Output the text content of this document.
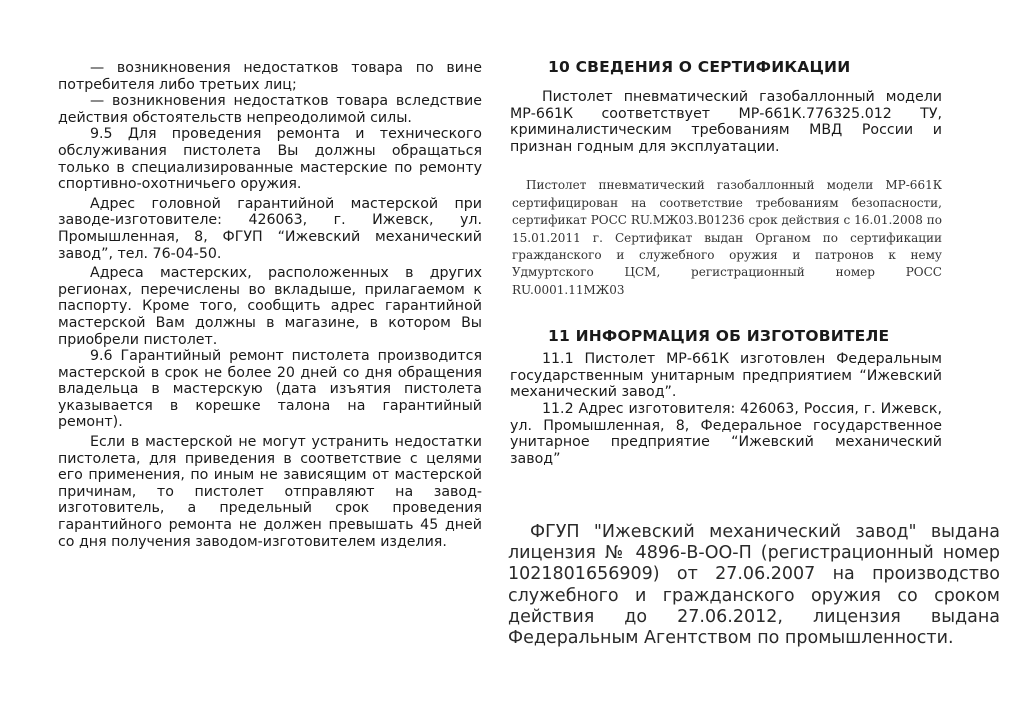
— возникновения недостатков товара по вине потребителя либо третьих лиц;

— возникновения недостатков товара вследствие действия обстоятельств непреодолимой силы.

9.5 Для проведения ремонта и технического обслуживания пистолета Вы должны обращаться только в специализированные мастерские по ремонту спортивно-охотничьего оружия.

Адрес головной гарантийной мастерской при заводе-изготовителе: 426063, г. Ижевск, ул. Промышленная, 8, ФГУП “Ижевский механический завод”, тел. 76-04-50.

Адреса мастерских, расположенных в других регионах, перечислены во вкладыше, прилагаемом к паспорту. Кроме того, сообщить адрес гарантийной мастерской Вам должны в магазине, в котором Вы приобрели пистолет.

9.6 Гарантийный ремонт пистолета производится мастерской в срок не более 20 дней со дня обращения владельца в мастерскую (дата изъятия пистолета указывается в корешке талона на гарантийный ремонт).

Если в мастерской не могут устранить недостатки пистолета, для приведения в соответствие с целями его применения, по иным не зависящим от мастерской причинам, то пистолет отправляют на завод-изготовитель, а предельный срок проведения гарантийного ремонта не должен превышать 45 дней со дня получения заводом-изготовителем изделия.

10 СВЕДЕНИЯ О СЕРТИФИКАЦИИ

Пистолет пневматический газобаллонный модели МР-661К соответствует МР-661К.776325.012 ТУ, криминалистическим требованиям МВД России и признан годным для эксплуатации.

Пистолет пневматический газобаллонный модели МР-661К сертифицирован на соответствие требованиям безопасности, сертификат РОСС RU.МЖ03.В01236 срок действия с 16.01.2008 по 15.01.2011 г. Сертификат выдан Органом по сертификации гражданского и служебного оружия и патронов к нему Удмуртского ЦСМ, регистрационный номер РОСС RU.0001.11МЖ03

11 ИНФОРМАЦИЯ ОБ ИЗГОТОВИТЕЛЕ

11.1 Пистолет МР-661К изготовлен Федеральным государственным унитарным предприятием “Ижевский механический завод”.

11.2 Адрес изготовителя: 426063, Россия, г. Ижевск, ул. Промышленная, 8, Федеральное государственное унитарное предприятие “Ижевский механический завод”

ФГУП "Ижевский механический завод" выдана лицензия № 4896-В-ОО-П (регистрационный номер 1021801656909) от 27.06.2007 на производство служебного и гражданского оружия со сроком действия до 27.06.2012, лицензия выдана Федеральным Агентством по промышленности.
